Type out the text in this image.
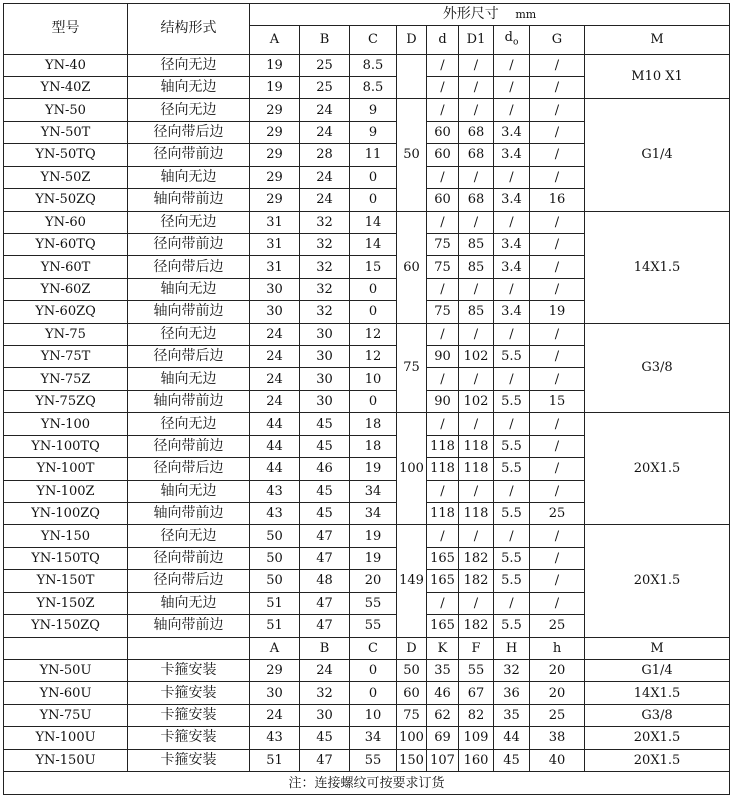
型号	结构形式	外形尺寸 mm								
		A	B	C	D	d	D1	$d_o$	G	M
YN-40	径向无边	19	25	8.5		/	/	/	/	M10 X1
YN-40Z	轴向无边	19	25	8.5		/	/	/	/	
YN-50	径向无边	29	24	9	50	/	/	/	/	G1/4
YN-50T	径向带后边	29	24	9		60	68	3.4	/	
YN-50TQ	径向带前边	29	28	11		60	68	3.4	/	
YN-50Z	轴向无边	29	24	0		/	/	/	/	
YN-50ZQ	轴向带前边	29	24	0		60	68	3.4	16	
YN-60	径向无边	31	32	14	60	/	/	/	/	14X1.5
YN-60TQ	径向带前边	31	32	14		75	85	3.4	/	
YN-60T	径向带后边	31	32	15		75	85	3.4	/	
YN-60Z	轴向无边	30	32	0		/	/	/	/	
YN-60ZQ	轴向带前边	30	32	0		75	85	3.4	19	
YN-75	径向无边	24	30	12	75	/	/	/	/	G3/8
YN-75T	径向带后边	24	30	12		90	102	5.5	/	
YN-75Z	轴向无边	24	30	10		/	/	/	/	
YN-75ZQ	轴向带前边	24	30	0		90	102	5.5	15	
YN-100	径向无边	44	45	18	100	/	/	/	/	20X1.5
YN-100TQ	径向带前边	44	45	18		118	118	5.5	/	
YN-100T	径向带后边	44	46	19		118	118	5.5	/	
YN-100Z	轴向无边	43	45	34		/	/	/	/	
YN-100ZQ	轴向带前边	43	45	34		118	118	5.5	25	
YN-150	径向无边	50	47	19	149	/	/	/	/	20X1.5
YN-150TQ	径向带前边	50	47	19		165	182	5.5	/	
YN-150T	径向带后边	50	48	20		165	182	5.5	/	
YN-150Z	轴向无边	51	47	55		/	/	/	/	
YN-150ZQ	轴向带前边	51	47	55		165	182	5.5	25	
		A	B	C	D	K	F	H	h	M
YN-50U	卡箍安装	29	24	0	50	35	55	32	20	G1/4
YN-60U	卡箍安装	30	32	0	60	46	67	36	20	14X1.5
YN-75U	卡箍安装	24	30	10	75	62	82	35	25	G3/8
YN-100U	卡箍安装	43	45	34	100	69	109	44	38	20X1.5
YN-150U	卡箍安装	51	47	55	150	107	160	45	40	20X1.5
注：连接螺纹可按要求订货										
